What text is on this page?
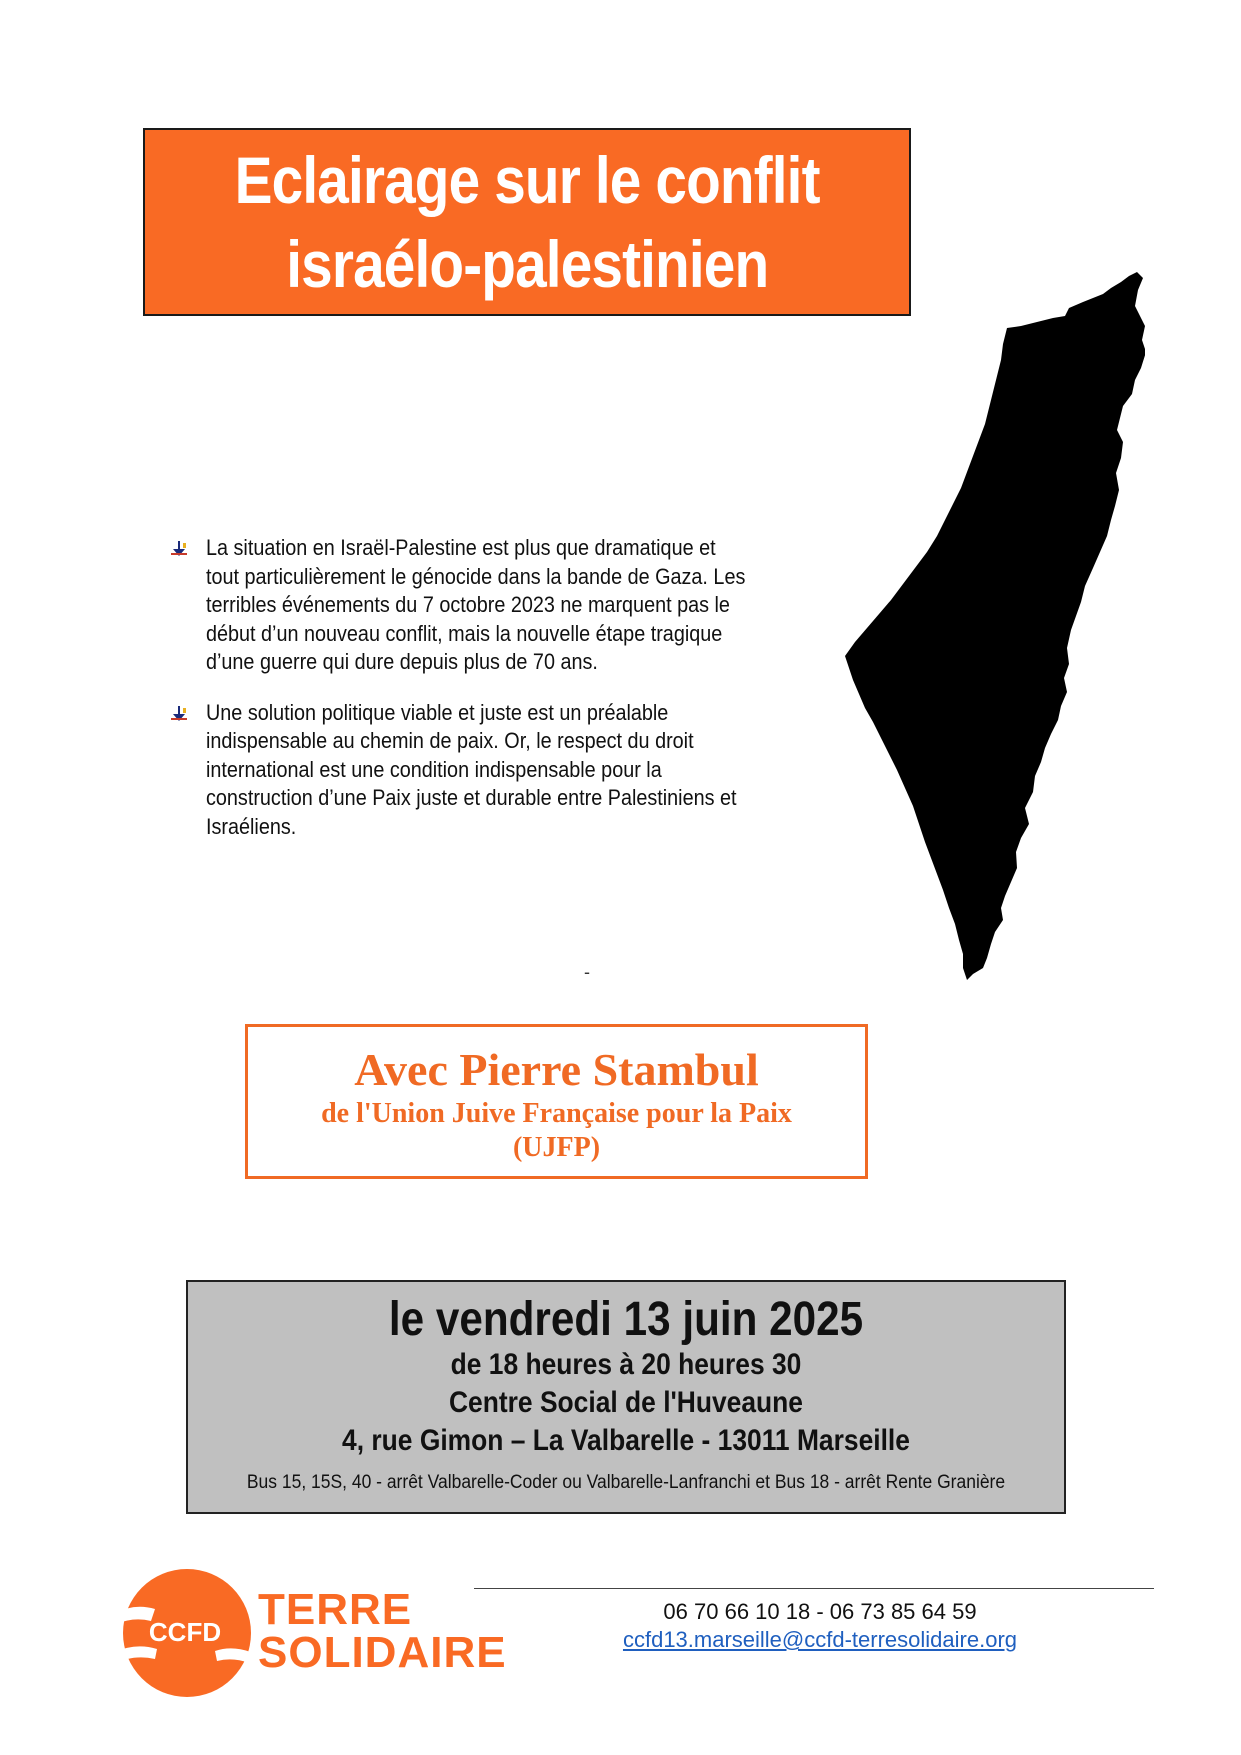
Eclairage sur le conflit
israélo-palestinien
La situation en Israël-Palestine est plus que dramatique et tout particulièrement le génocide dans la bande de Gaza. Les terribles événements du 7 octobre 2023 ne marquent pas le début d’un nouveau conflit, mais la nouvelle étape tragique d’une guerre qui dure depuis plus de 70 ans.
Une solution politique viable et juste est un préalable indispensable au chemin de paix. Or, le respect du droit international est une condition indispensable pour la construction d’une Paix juste et durable entre Palestiniens et Israéliens.
-
Avec Pierre Stambul
de l'Union Juive Française pour la Paix
(UJFP)
le vendredi 13 juin 2025
de 18 heures à 20 heures 30
Centre Social de l'Huveaune
4, rue Gimon – La Valbarelle - 13011 Marseille
Bus 15, 15S, 40 - arrêt Valbarelle-Coder ou Valbarelle-Lanfranchi et Bus 18 - arrêt Rente Granière
CCFD TERRE
SOLIDAIRE
06 70 66 10 18 - 06 73 85 64 59
ccfd13.marseille@ccfd-terresolidaire.org
